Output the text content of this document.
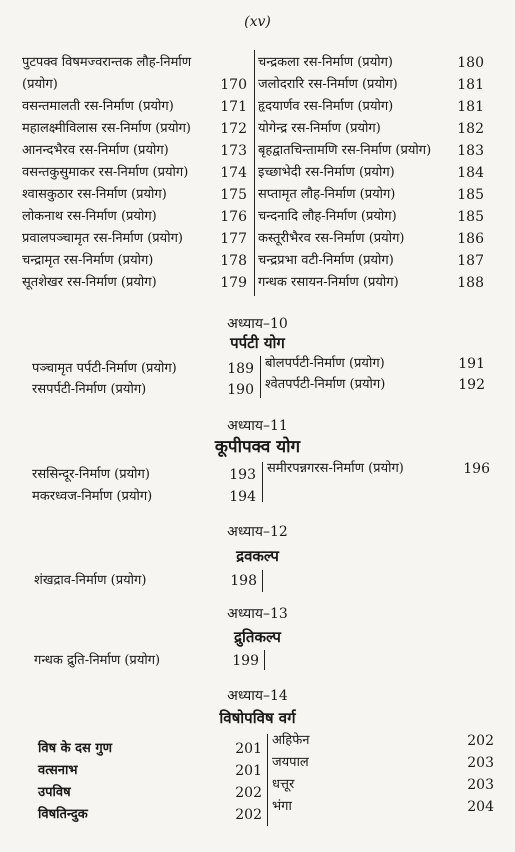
(xv)
पुटपक्व विषमज्वरान्तक लौह-निर्माण
(प्रयोग)	170
वसन्तमालती रस-निर्माण (प्रयोग)	171
महालक्ष्मीविलास रस-निर्माण (प्रयोग)	172
आनन्दभैरव रस-निर्माण (प्रयोग)	173
वसन्तकुसुमाकर रस-निर्माण (प्रयोग)	174
श्वासकुठार रस-निर्माण (प्रयोग)	175
लोकनाथ रस-निर्माण (प्रयोग)	176
प्रवालपञ्चामृत रस-निर्माण (प्रयोग)	177
चन्द्रामृत रस-निर्माण (प्रयोग)	178
सूतशेखर रस-निर्माण (प्रयोग)	179
चन्द्रकला रस-निर्माण (प्रयोग)	180
जलोदरारि रस-निर्माण (प्रयोग)	181
हृदयार्णव रस-निर्माण (प्रयोग)	181
योगेन्द्र रस-निर्माण (प्रयोग)	182
बृहद्वातचिन्तामणि रस-निर्माण (प्रयोग)	183
इच्छाभेदी रस-निर्माण (प्रयोग)	184
सप्तामृत लौह-निर्माण (प्रयोग)	185
चन्दनादि लौह-निर्माण (प्रयोग)	185
कस्तूरीभैरव रस-निर्माण (प्रयोग)	186
चन्द्रप्रभा वटी-निर्माण (प्रयोग)	187
गन्धक रसायन-निर्माण (प्रयोग)	188
अध्याय–10
पर्पटी योग
पञ्चामृत पर्पटी-निर्माण (प्रयोग)	189
रसपर्पटी-निर्माण (प्रयोग)	190
बोलपर्पटी-निर्माण (प्रयोग)	191
श्वेतपर्पटी-निर्माण (प्रयोग)	192
अध्याय–11
कूपीपक्व योग
रससिन्दूर-निर्माण (प्रयोग)	193
मकरध्वज-निर्माण (प्रयोग)	194
समीरपन्नगरस-निर्माण (प्रयोग)	196
अध्याय–12
द्रवकल्प
शंखद्राव-निर्माण (प्रयोग)	198
अध्याय–13
द्रुतिकल्प
गन्धक द्रुति-निर्माण (प्रयोग)	199
अध्याय–14
विषोपविष वर्ग
विष के दस गुण	201
वत्सनाभ	201
उपविष	202
विषतिन्दुक	202
अहिफेन	202
जयपाल	203
धत्तूर	203
भंगा	204
